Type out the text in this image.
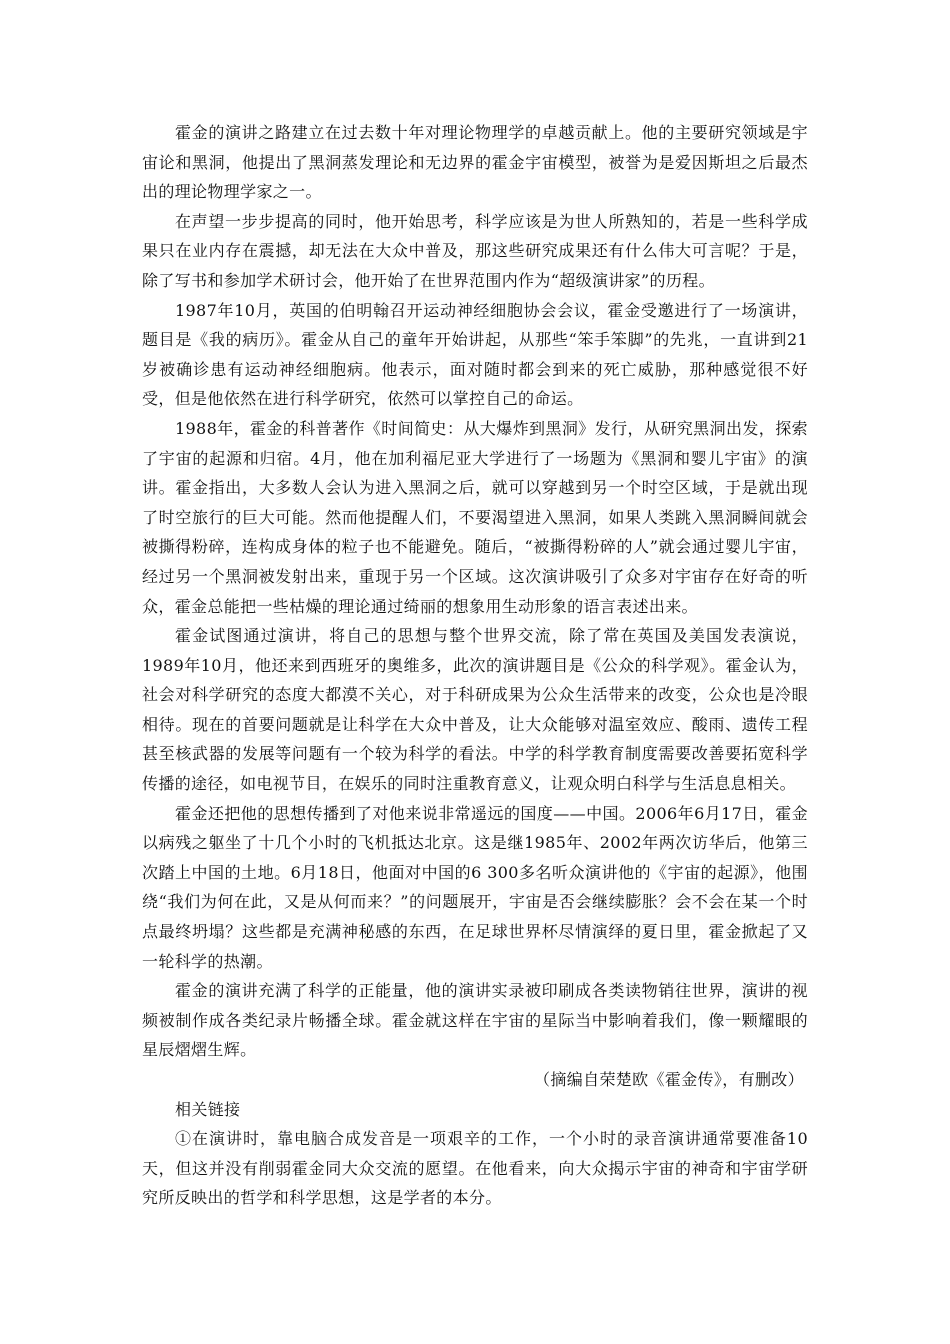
霍金的演讲之路建立在过去数十年对理论物理学的卓越贡献上。他的主要研究领域是宇宙论和黑洞，他提出了黑洞蒸发理论和无边界的霍金宇宙模型，被誉为是爱因斯坦之后最杰出的理论物理学家之一。

在声望一步步提高的同时，他开始思考，科学应该是为世人所熟知的，若是一些科学成果只在业内存在震撼，却无法在大众中普及，那这些研究成果还有什么伟大可言呢？于是，除了写书和参加学术研讨会，他开始了在世界范围内作为“超级演讲家”的历程。

1987年10月，英国的伯明翰召开运动神经细胞协会会议，霍金受邀进行了一场演讲，题目是《我的病历》。霍金从自己的童年开始讲起，从那些“笨手笨脚”的先兆，一直讲到21岁被确诊患有运动神经细胞病。他表示，面对随时都会到来的死亡威胁，那种感觉很不好受，但是他依然在进行科学研究，依然可以掌控自己的命运。

1988年，霍金的科普著作《时间简史：从大爆炸到黑洞》发行，从研究黑洞出发，探索了宇宙的起源和归宿。4月，他在加利福尼亚大学进行了一场题为《黑洞和婴儿宇宙》的演讲。霍金指出，大多数人会认为进入黑洞之后，就可以穿越到另一个时空区域，于是就出现了时空旅行的巨大可能。然而他提醒人们，不要渴望进入黑洞，如果人类跳入黑洞瞬间就会被撕得粉碎，连构成身体的粒子也不能避免。随后，“被撕得粉碎的人”就会通过婴儿宇宙，经过另一个黑洞被发射出来，重现于另一个区域。这次演讲吸引了众多对宇宙存在好奇的听众，霍金总能把一些枯燥的理论通过绮丽的想象用生动形象的语言表述出来。

霍金试图通过演讲，将自己的思想与整个世界交流，除了常在英国及美国发表演说，1989年10月，他还来到西班牙的奥维多，此次的演讲题目是《公众的科学观》。霍金认为，社会对科学研究的态度大都漠不关心，对于科研成果为公众生活带来的改变，公众也是冷眼相待。现在的首要问题就是让科学在大众中普及，让大众能够对温室效应、酸雨、遗传工程甚至核武器的发展等问题有一个较为科学的看法。中学的科学教育制度需要改善要拓宽科学传播的途径，如电视节目，在娱乐的同时注重教育意义，让观众明白科学与生活息息相关。

霍金还把他的思想传播到了对他来说非常遥远的国度——中国。2006年6月17日，霍金以病残之躯坐了十几个小时的飞机抵达北京。这是继1985年、2002年两次访华后，他第三次踏上中国的土地。6月18日，他面对中国的6 300多名听众演讲他的《宇宙的起源》，他围绕“我们为何在此，又是从何而来？”的问题展开，宇宙是否会继续膨胀？会不会在某一个时点最终坍塌？这些都是充满神秘感的东西，在足球世界杯尽情演绎的夏日里，霍金掀起了又一轮科学的热潮。

霍金的演讲充满了科学的正能量，他的演讲实录被印刷成各类读物销往世界，演讲的视频被制作成各类纪录片畅播全球。霍金就这样在宇宙的星际当中影响着我们，像一颗耀眼的星辰熠熠生辉。

（摘编自荣楚欧《霍金传》，有删改）

相关链接

①在演讲时，靠电脑合成发音是一项艰辛的工作，一个小时的录音演讲通常要准备10天，但这并没有削弱霍金同大众交流的愿望。在他看来，向大众揭示宇宙的神奇和宇宙学研究所反映出的哲学和科学思想，这是学者的本分。
